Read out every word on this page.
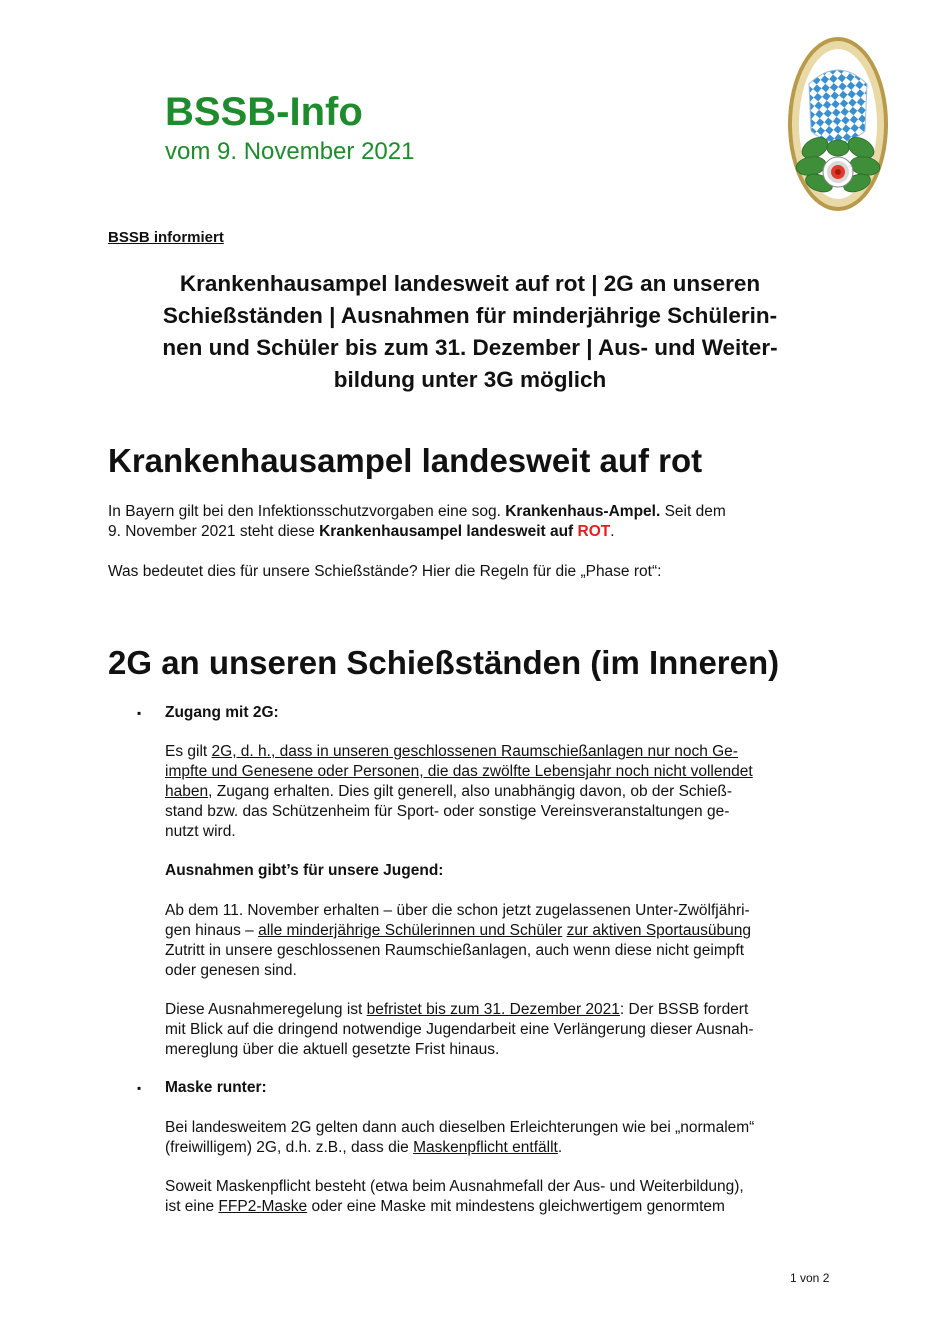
BSSB-Info
vom 9. November 2021
BSSB informiert
Krankenhausampel landesweit auf rot | 2G an unseren
Schießständen | Ausnahmen für minderjährige Schülerin-
nen und Schüler bis zum 31. Dezember | Aus- und Weiter-
bildung unter 3G möglich
Krankenhausampel landesweit auf rot
In Bayern gilt bei den Infektionsschutzvorgaben eine sog. Krankenhaus-Ampel. Seit dem
9. November 2021 steht diese Krankenhausampel landesweit auf ROT.
Was bedeutet dies für unsere Schießstände? Hier die Regeln für die „Phase rot“:
2G an unseren Schießständen (im Inneren)
▪ Zugang mit 2G:
Es gilt 2G, d. h., dass in unseren geschlossenen Raumschießanlagen nur noch Ge-
impfte und Genesene oder Personen, die das zwölfte Lebensjahr noch nicht vollendet
haben, Zugang erhalten. Dies gilt generell, also unabhängig davon, ob der Schieß-
stand bzw. das Schützenheim für Sport- oder sonstige Vereinsveranstaltungen ge-
nutzt wird.
Ausnahmen gibt’s für unsere Jugend:
Ab dem 11. November erhalten – über die schon jetzt zugelassenen Unter-Zwölfjähri-
gen hinaus – alle minderjährige Schülerinnen und Schüler zur aktiven Sportausübung
Zutritt in unsere geschlossenen Raumschießanlagen, auch wenn diese nicht geimpft
oder genesen sind.
Diese Ausnahmeregelung ist befristet bis zum 31. Dezember 2021: Der BSSB fordert
mit Blick auf die dringend notwendige Jugendarbeit eine Verlängerung dieser Ausnah-
mereglung über die aktuell gesetzte Frist hinaus.
▪ Maske runter:
Bei landesweitem 2G gelten dann auch dieselben Erleichterungen wie bei „normalem“
(freiwilligem) 2G, d.h. z.B., dass die Maskenpflicht entfällt.
Soweit Maskenpflicht besteht (etwa beim Ausnahmefall der Aus- und Weiterbildung),
ist eine FFP2-Maske oder eine Maske mit mindestens gleichwertigem genormtem
1 von 2
